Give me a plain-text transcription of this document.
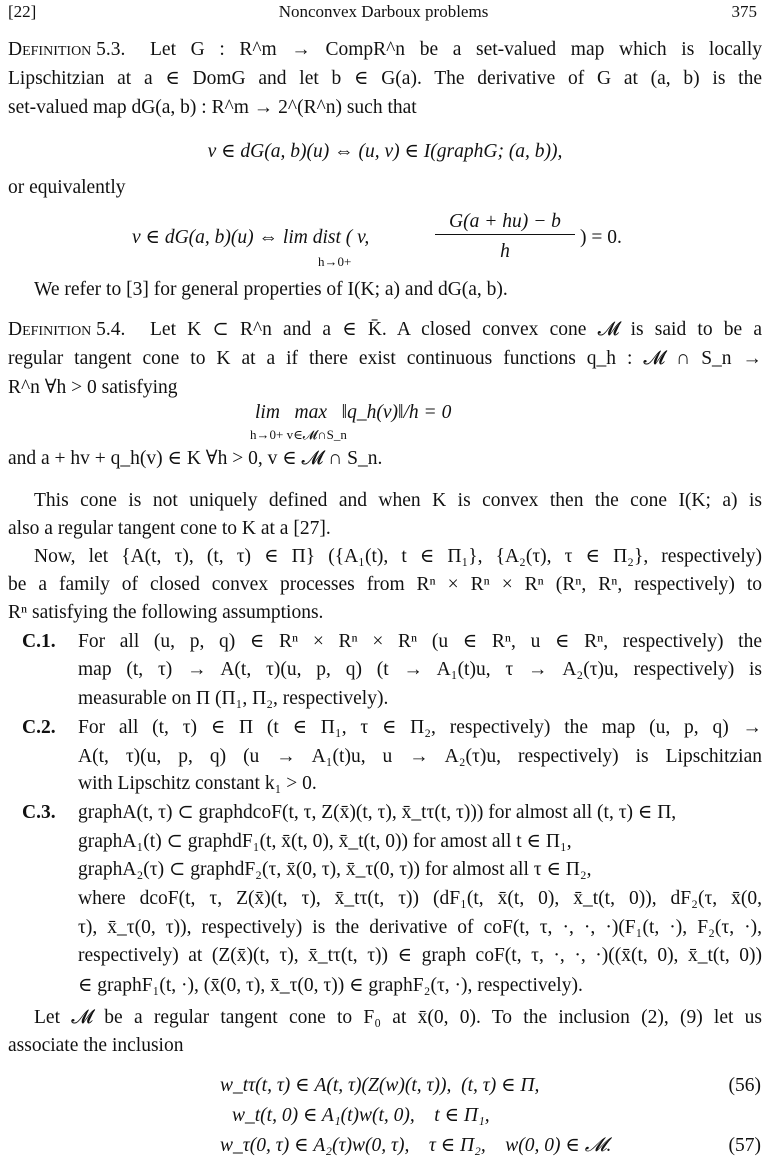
[22]	Nonconvex Darboux problems	375
Definition 5.3. Let G : R^m → CompR^n be a set-valued map which is locally
Lipschitzian at a ∈ DomG and let b ∈ G(a). The derivative of G at (a, b) is the
set-valued map dG(a, b) : R^m → 2^(R^n) such that
v ∈ dG(a, b)(u) ⇔ (u, v) ∈ I(graphG; (a, b)),
or equivalently
v ∈ dG(a, b)(u) ⇔ lim dist ( v,
h→0+
G(a + hu) − b
h
) = 0.
We refer to [3] for general properties of I(K; a) and dG(a, b).
Definition 5.4. Let K ⊂ R^n and a ∈ K̄. A closed convex cone 𝓜 is said to be a
regular tangent cone to K at a if there exist continuous functions q_h : 𝓜 ∩ S_n →
R^n ∀h > 0 satisfying
lim   max   ‖q_h(v)‖/h = 0
h→0+ v∈𝓜∩S_n
and a + hv + q_h(v) ∈ K ∀h > 0, v ∈ 𝓜 ∩ S_n.
This cone is not uniquely defined and when K is convex then the cone I(K; a) is
also a regular tangent cone to K at a [27].
Now, let {A(t, τ), (t, τ) ∈ Π} ({A₁(t), t ∈ Π₁}, {A₂(τ), τ ∈ Π₂}, respectively)
be a family of closed convex processes from Rⁿ × Rⁿ × Rⁿ (Rⁿ, Rⁿ, respectively) to
Rⁿ satisfying the following assumptions.
C.1. For all (u, p, q) ∈ Rⁿ × Rⁿ × Rⁿ (u ∈ Rⁿ, u ∈ Rⁿ, respectively) the
map (t, τ) → A(t, τ)(u, p, q) (t → A₁(t)u, τ → A₂(τ)u, respectively) is
measurable on Π (Π₁, Π₂, respectively).
C.2. For all (t, τ) ∈ Π (t ∈ Π₁, τ ∈ Π₂, respectively) the map (u, p, q) →
A(t, τ)(u, p, q) (u → A₁(t)u, u → A₂(τ)u, respectively) is Lipschitzian
with Lipschitz constant k₁ > 0.
C.3. graphA(t, τ) ⊂ graphdcoF(t, τ, Z(x̄)(t, τ), x̄_tτ(t, τ))) for almost all (t, τ) ∈ Π,
graphA₁(t) ⊂ graphdF₁(t, x̄(t, 0), x̄_t(t, 0)) for amost all t ∈ Π₁,
graphA₂(τ) ⊂ graphdF₂(τ, x̄(0, τ), x̄_τ(0, τ)) for almost all τ ∈ Π₂,
where dcoF(t, τ, Z(x̄)(t, τ), x̄_tτ(t, τ)) (dF₁(t, x̄(t, 0), x̄_t(t, 0)), dF₂(τ, x̄(0,
τ), x̄_τ(0, τ)), respectively) is the derivative of coF(t, τ, ·, ·, ·)(F₁(t, ·), F₂(τ, ·),
respectively) at (Z(x̄)(t, τ), x̄_tτ(t, τ)) ∈ graph coF(t, τ, ·, ·, ·)((x̄(t, 0), x̄_t(t, 0))
∈ graphF₁(t, ·), (x̄(0, τ), x̄_τ(0, τ)) ∈ graphF₂(τ, ·), respectively).
Let 𝓜 be a regular tangent cone to F₀ at x̄(0, 0). To the inclusion (2), (9) let us
associate the inclusion
w_tτ(t, τ) ∈ A(t, τ)(Z(w)(t, τ)),  (t, τ) ∈ Π,	(56)
w_t(t, 0) ∈ A₁(t)w(t, 0),    t ∈ Π₁,
w_τ(0, τ) ∈ A₂(τ)w(0, τ),    τ ∈ Π₂,    w(0, 0) ∈ 𝓜.	(57)
